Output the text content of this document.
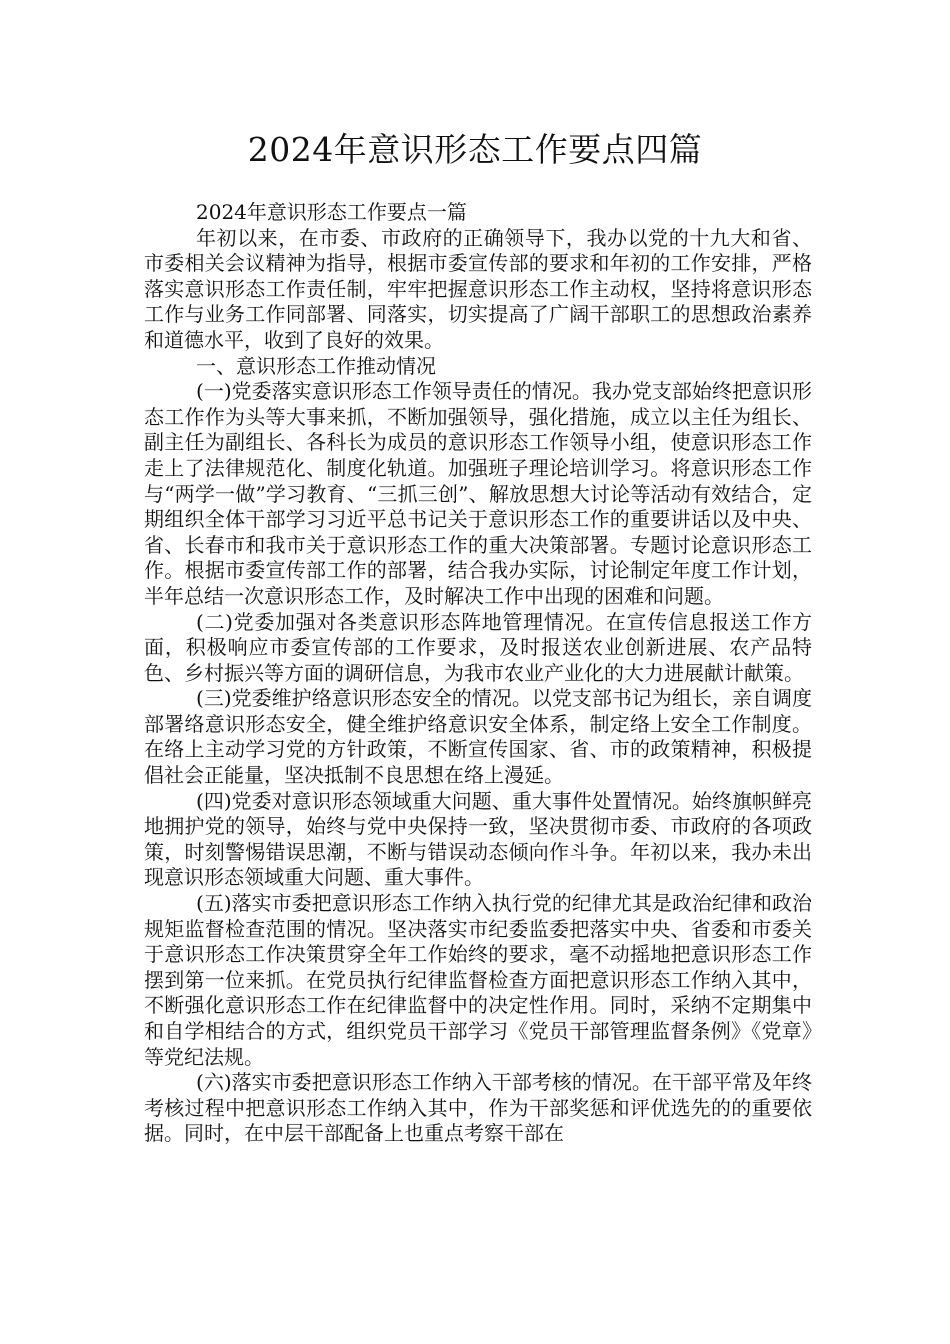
2024年意识形态工作要点四篇

2024年意识形态工作要点一篇

年初以来，在市委、市政府的正确领导下，我办以党的十九大和省、市委相关会议精神为指导，根据市委宣传部的要求和年初的工作安排，严格落实意识形态工作责任制，牢牢把握意识形态工作主动权，坚持将意识形态工作与业务工作同部署、同落实，切实提高了广阔干部职工的思想政治素养和道德水平，收到了良好的效果。

一、意识形态工作推动情况

(一)党委落实意识形态工作领导责任的情况。我办党支部始终把意识形态工作作为头等大事来抓，不断加强领导，强化措施，成立以主任为组长、副主任为副组长、各科长为成员的意识形态工作领导小组，使意识形态工作走上了法律规范化、制度化轨道。加强班子理论培训学习。将意识形态工作与“两学一做”学习教育、“三抓三创”、解放思想大讨论等活动有效结合，定期组织全体干部学习习近平总书记关于意识形态工作的重要讲话以及中央、省、长春市和我市关于意识形态工作的重大决策部署。专题讨论意识形态工作。根据市委宣传部工作的部署，结合我办实际，讨论制定年度工作计划，半年总结一次意识形态工作，及时解决工作中出现的困难和问题。

(二)党委加强对各类意识形态阵地管理情况。在宣传信息报送工作方面，积极响应市委宣传部的工作要求，及时报送农业创新进展、农产品特色、乡村振兴等方面的调研信息，为我市农业产业化的大力进展献计献策。

(三)党委维护络意识形态安全的情况。以党支部书记为组长，亲自调度部署络意识形态安全，健全维护络意识安全体系，制定络上安全工作制度。在络上主动学习党的方针政策，不断宣传国家、省、市的政策精神，积极提倡社会正能量，坚决抵制不良思想在络上漫延。

(四)党委对意识形态领域重大问题、重大事件处置情况。始终旗帜鲜亮地拥护党的领导，始终与党中央保持一致，坚决贯彻市委、市政府的各项政策，时刻警惕错误思潮，不断与错误动态倾向作斗争。年初以来，我办未出现意识形态领域重大问题、重大事件。

(五)落实市委把意识形态工作纳入执行党的纪律尤其是政治纪律和政治规矩监督检查范围的情况。坚决落实市纪委监委把落实中央、省委和市委关于意识形态工作决策贯穿全年工作始终的要求，毫不动摇地把意识形态工作摆到第一位来抓。在党员执行纪律监督检查方面把意识形态工作纳入其中，不断强化意识形态工作在纪律监督中的决定性作用。同时，采纳不定期集中和自学相结合的方式，组织党员干部学习《党员干部管理监督条例》《党章》等党纪法规。

(六)落实市委把意识形态工作纳入干部考核的情况。在干部平常及年终考核过程中把意识形态工作纳入其中，作为干部奖惩和评优选先的的重要依据。同时，在中层干部配备上也重点考察干部在
